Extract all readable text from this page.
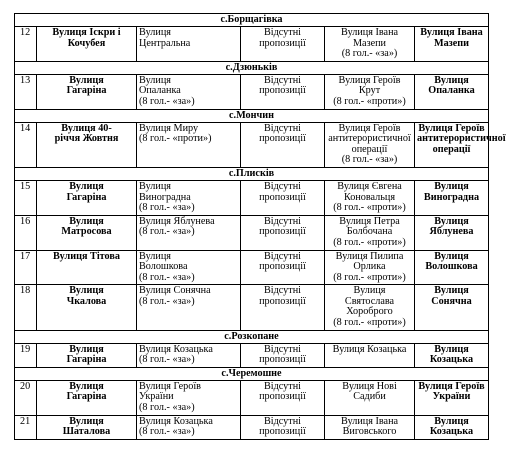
с.Борщагівка					
12	Вулиця Іскри і
Кочубея	Вулиця
Центральна	Відсутні
пропозиції	Вулиця Івана
Мазепи
(8 гол.- «за»)	Вулиця Івана
Мазепи

с.Дзюньків					
13	Вулиця
Гагаріна	Вулиця
Опаланка
(8 гол.- «за»)	Відсутні
пропозиції	Вулиця Героїв
Крут
(8 гол.- «проти»)	Вулиця Опаланка

с.Мончин					
14	Вулиця 40-
річчя Жовтня	Вулиця Миру
(8 гол.- «проти»)	Відсутні
пропозиції	Вулиця Героїв
антитерористичної
операції
(8 гол.- «за»)	Вулиця Героїв
антитерористичної
операції

с.Плисків					
15	Вулиця
Гагаріна	Вулиця
Виноградна
(8 гол.- «за»)	Відсутні
пропозиції	Вулиця Євгена
Коновальця
(8 гол.- «проти»)	Вулиця
Виноградна

16	Вулиця
Матросова	Вулиця Яблунева
(8 гол.- «за»)	Відсутні
пропозиції	Вулиця Петра
Болбочана
(8 гол.- «проти»)	Вулиця Яблунева

17	Вулиця Тітова	Вулиця
Волошкова
(8 гол.- «за»)	Відсутні
пропозиції	Вулиця Пилипа
Орлика
(8 гол.- «проти»)	Вулиця Волошкова

18	Вулиця
Чкалова	Вулиця Сонячна
(8 гол.- «за»)	Відсутні
пропозиції	Вулиця
Святослава
Хороброго
(8 гол.- «проти»)	Вулиця Сонячна

с.Розкопане					
19	Вулиця
Гагаріна	Вулиця Козацька
(8 гол.- «за»)	Відсутні
пропозиції	Вулиця Козацька	Вулиця Козацька

с.Черемошне					
20	Вулиця
Гагаріна	Вулиця Героїв
України
(8 гол.- «за»)	Відсутні
пропозиції	Вулиця Нові
Садиби	Вулиця Героїв
України

21	Вулиця
Шаталова	Вулиця Козацька
(8 гол.- «за»)	Відсутні
пропозиції	Вулиця Івана
Виговського	Вулиця Козацька
